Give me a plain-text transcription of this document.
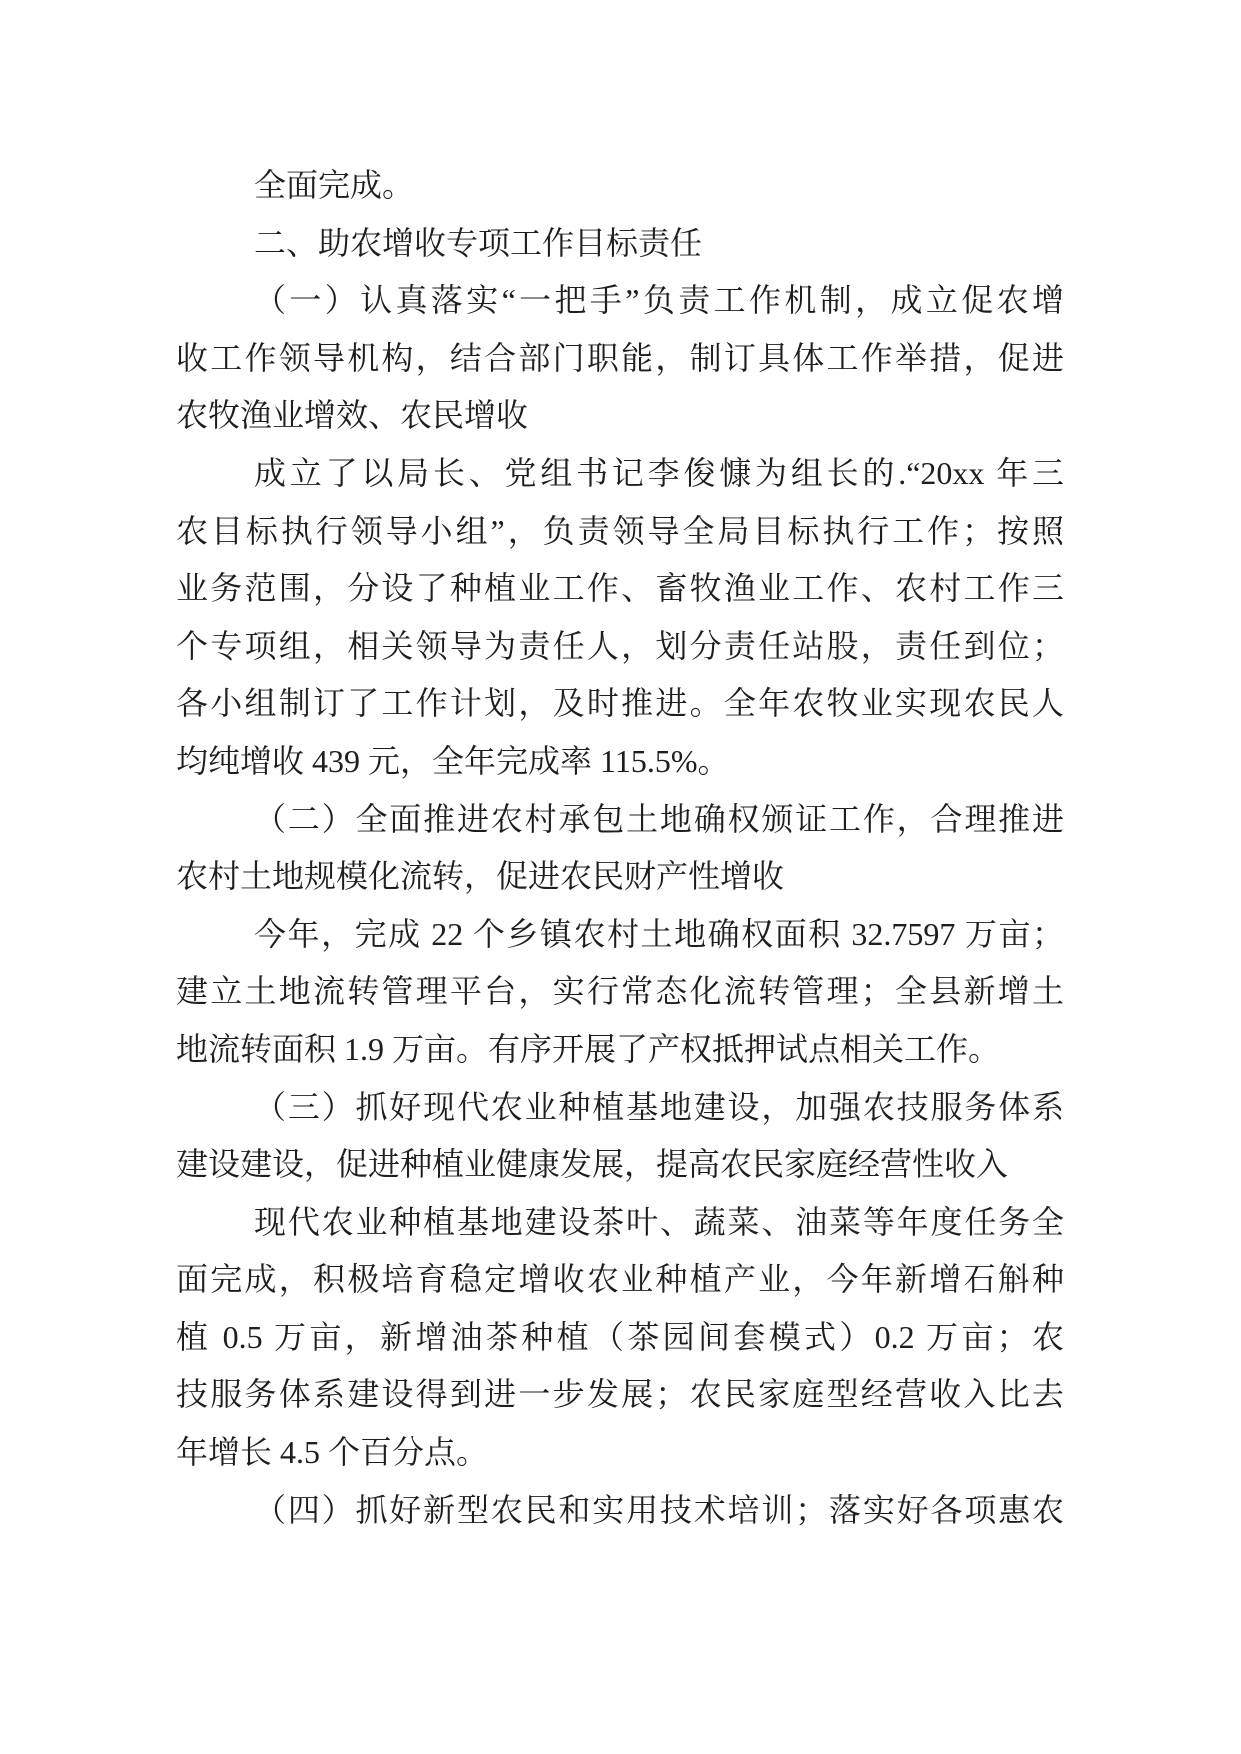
全面完成。
二、助农增收专项工作目标责任
（一）认真落实“一把手”负责工作机制，成立促农增
收工作领导机构，结合部门职能，制订具体工作举措，促进
农牧渔业增效、农民增收
成立了以局长、党组书记李俊慷为组长的.“20xx 年三
农目标执行领导小组”，负责领导全局目标执行工作；按照
业务范围，分设了种植业工作、畜牧渔业工作、农村工作三
个专项组，相关领导为责任人，划分责任站股，责任到位；
各小组制订了工作计划，及时推进。全年农牧业实现农民人
均纯增收 439 元，全年完成率 115.5%。
（二）全面推进农村承包土地确权颁证工作，合理推进
农村土地规模化流转，促进农民财产性增收
今年，完成 22 个乡镇农村土地确权面积 32.7597 万亩；
建立土地流转管理平台，实行常态化流转管理；全县新增土
地流转面积 1.9 万亩。有序开展了产权抵押试点相关工作。
（三）抓好现代农业种植基地建设，加强农技服务体系
建设建设，促进种植业健康发展，提高农民家庭经营性收入
现代农业种植基地建设茶叶、蔬菜、油菜等年度任务全
面完成，积极培育稳定增收农业种植产业，今年新增石斛种
植 0.5 万亩，新增油茶种植（茶园间套模式）0.2 万亩；农
技服务体系建设得到进一步发展；农民家庭型经营收入比去
年增长 4.5 个百分点。
（四）抓好新型农民和实用技术培训；落实好各项惠农
